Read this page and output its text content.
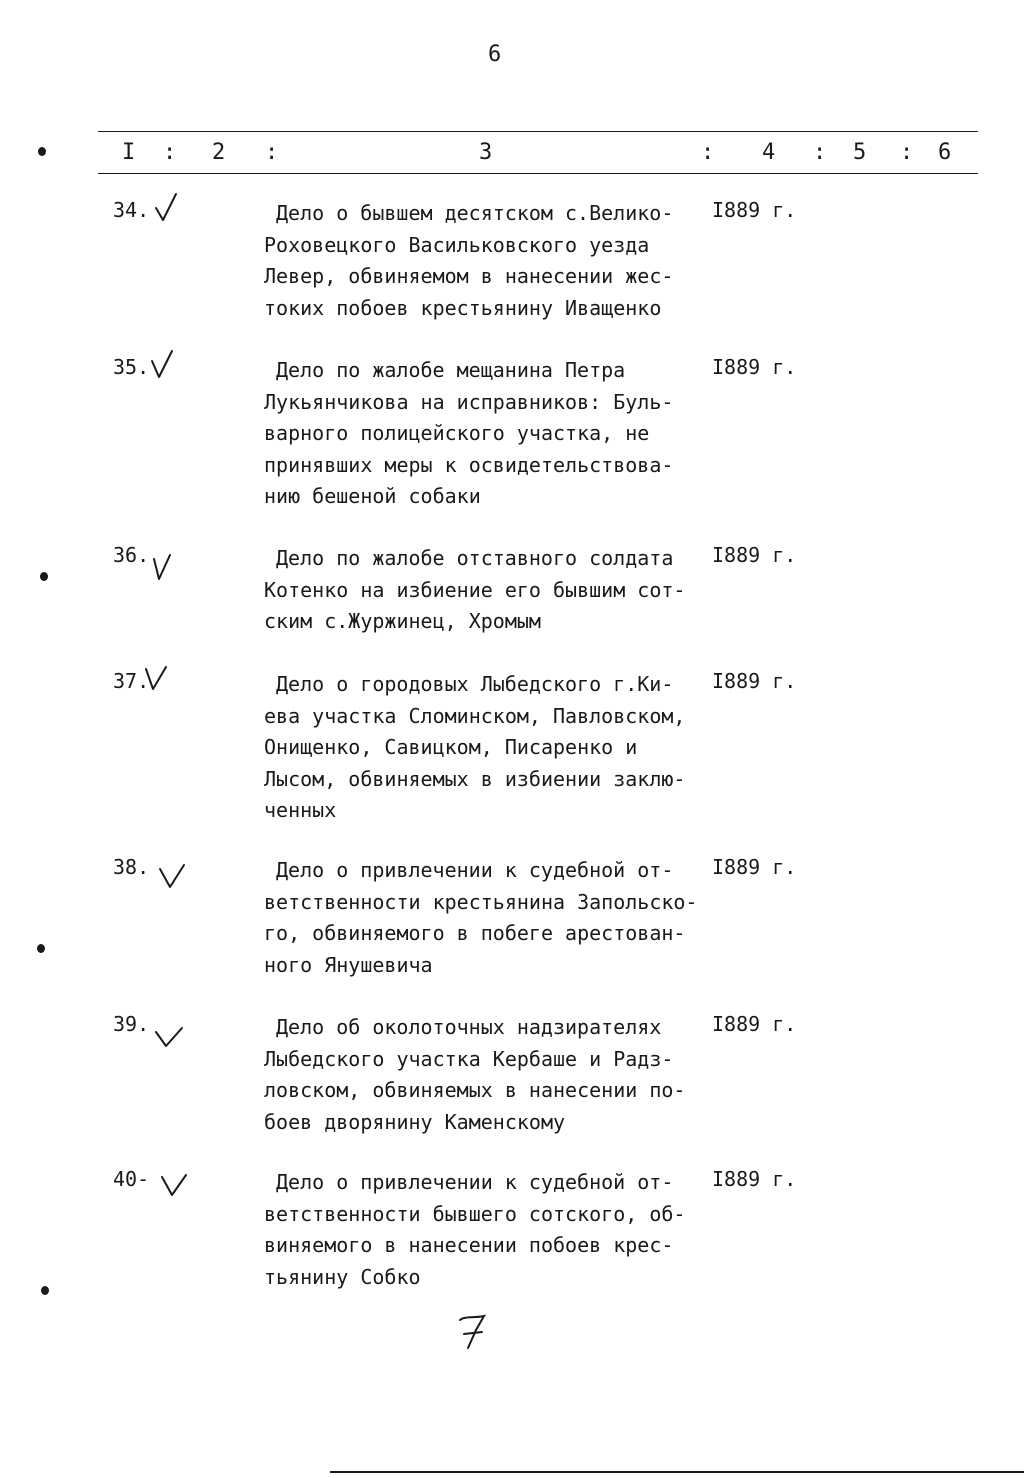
6
I : 2 :	3	: 4 : 5 : 6
34.	Дело о бывшем десятском с.Велико-
Роховецкого Васильковского уезда
Левер, обвиняемом в нанесении жес-
токих побоев крестьянину Иващенко
I889 г.
35.	Дело по жалобе мещанина Петра
Лукьянчикова на исправников: Буль-
варного полицейского участка, не
принявших меры к освидетельствова-
нию бешеной собаки
I889 г.
36.	Дело по жалобе отставного солдата
Котенко на избиение его бывшим сот-
ским с.Журжинец, Хромым
I889 г.
37.	Дело о городовых Лыбедского г.Ки-
ева участка Сломинском, Павловском,
Онищенко, Савицком, Писаренко и
Лысом, обвиняемых в избиении заклю-
ченных
I889 г.
38.	Дело о привлечении к судебной от-
ветственности крестьянина Запольско-
го, обвиняемого в побеге арестован-
ного Янушевича
I889 г.
39.	Дело об околоточных надзирателях
Лыбедского участка Кербаше и Радз-
ловском, обвиняемых в нанесении по-
боев дворянину Каменскому
I889 г.
40-	Дело о привлечении к судебной от-
ветственности бывшего сотского, об-
виняемого в нанесении побоев крес-
тьянину Собко
I889 г.
